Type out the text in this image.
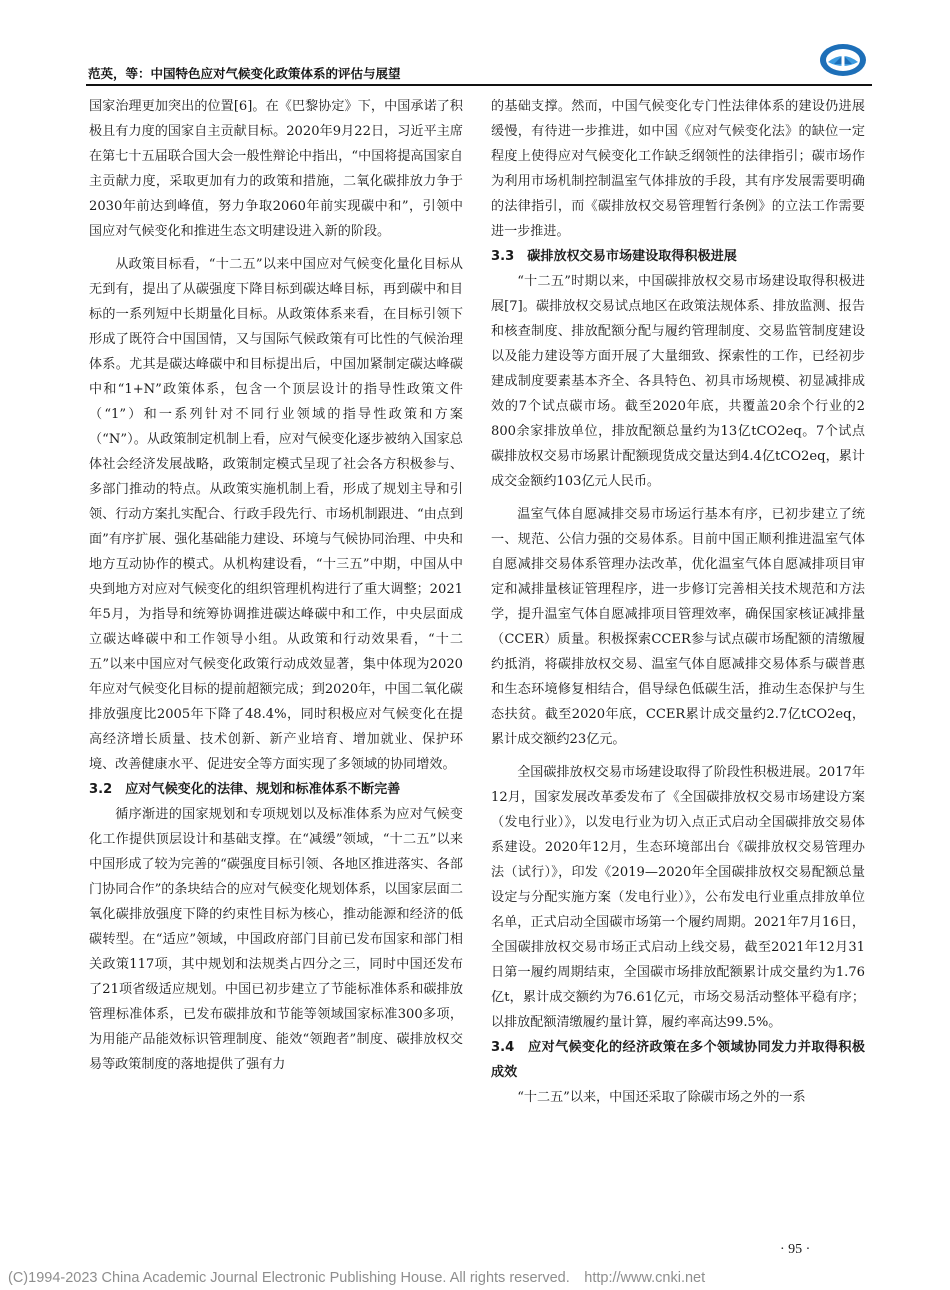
范英，等：中国特色应对气候变化政策体系的评估与展望

国家治理更加突出的位置[6]。在《巴黎协定》下，中国承诺了积极且有力度的国家自主贡献目标。2020年9月22日，习近平主席在第七十五届联合国大会一般性辩论中指出，“中国将提高国家自主贡献力度，采取更加有力的政策和措施，二氧化碳排放力争于2030年前达到峰值，努力争取2060年前实现碳中和”，引领中国应对气候变化和推进生态文明建设进入新的阶段。

从政策目标看，“十二五”以来中国应对气候变化量化目标从无到有，提出了从碳强度下降目标到碳达峰目标，再到碳中和目标的一系列短中长期量化目标。从政策体系来看，在目标引领下形成了既符合中国国情，又与国际气候政策有可比性的气候治理体系。尤其是碳达峰碳中和目标提出后，中国加紧制定碳达峰碳中和“1+N”政策体系，包含一个顶层设计的指导性政策文件（“1”）和一系列针对不同行业领域的指导性政策和方案（“N”）。从政策制定机制上看，应对气候变化逐步被纳入国家总体社会经济发展战略，政策制定模式呈现了社会各方积极参与、多部门推动的特点。从政策实施机制上看，形成了规划主导和引领、行动方案扎实配合、行政手段先行、市场机制跟进、“由点到面”有序扩展、强化基础能力建设、环境与气候协同治理、中央和地方互动协作的模式。从机构建设看，“十三五”中期，中国从中央到地方对应对气候变化的组织管理机构进行了重大调整；2021年5月，为指导和统筹协调推进碳达峰碳中和工作，中央层面成立碳达峰碳中和工作领导小组。从政策和行动效果看，“十二五”以来中国应对气候变化政策行动成效显著，集中体现为2020年应对气候变化目标的提前超额完成；到2020年，中国二氧化碳排放强度比2005年下降了48.4%，同时积极应对气候变化在提高经济增长质量、技术创新、新产业培育、增加就业、保护环境、改善健康水平、促进安全等方面实现了多领域的协同增效。

3.2　应对气候变化的法律、规划和标准体系不断完善

循序渐进的国家规划和专项规划以及标准体系为应对气候变化工作提供顶层设计和基础支撑。在“减缓”领域，“十二五”以来中国形成了较为完善的“碳强度目标引领、各地区推进落实、各部门协同合作”的条块结合的应对气候变化规划体系，以国家层面二氧化碳排放强度下降的约束性目标为核心，推动能源和经济的低碳转型。在“适应”领域，中国政府部门目前已发布国家和部门相关政策117项，其中规划和法规类占四分之三，同时中国还发布了21项省级适应规划。中国已初步建立了节能标准体系和碳排放管理标准体系，已发布碳排放和节能等领域国家标准300多项，为用能产品能效标识管理制度、能效“领跑者”制度、碳排放权交易等政策制度的落地提供了强有力

的基础支撑。然而，中国气候变化专门性法律体系的建设仍进展缓慢，有待进一步推进，如中国《应对气候变化法》的缺位一定程度上使得应对气候变化工作缺乏纲领性的法律指引；碳市场作为利用市场机制控制温室气体排放的手段，其有序发展需要明确的法律指引，而《碳排放权交易管理暂行条例》的立法工作需要进一步推进。

3.3　碳排放权交易市场建设取得积极进展

“十二五”时期以来，中国碳排放权交易市场建设取得积极进展[7]。碳排放权交易试点地区在政策法规体系、排放监测、报告和核查制度、排放配额分配与履约管理制度、交易监管制度建设以及能力建设等方面开展了大量细致、探索性的工作，已经初步建成制度要素基本齐全、各具特色、初具市场规模、初显减排成效的7个试点碳市场。截至2020年底，共覆盖20余个行业的2 800余家排放单位，排放配额总量约为13亿tCO2eq。7个试点碳排放权交易市场累计配额现货成交量达到4.4亿tCO2eq，累计成交金额约103亿元人民币。

温室气体自愿减排交易市场运行基本有序，已初步建立了统一、规范、公信力强的交易体系。目前中国正顺利推进温室气体自愿减排交易体系管理办法改革，优化温室气体自愿减排项目审定和减排量核证管理程序，进一步修订完善相关技术规范和方法学，提升温室气体自愿减排项目管理效率，确保国家核证减排量（CCER）质量。积极探索CCER参与试点碳市场配额的清缴履约抵消，将碳排放权交易、温室气体自愿减排交易体系与碳普惠和生态环境修复相结合，倡导绿色低碳生活，推动生态保护与生态扶贫。截至2020年底，CCER累计成交量约2.7亿tCO2eq，累计成交额约23亿元。

全国碳排放权交易市场建设取得了阶段性积极进展。2017年12月，国家发展改革委发布了《全国碳排放权交易市场建设方案（发电行业）》，以发电行业为切入点正式启动全国碳排放交易体系建设。2020年12月，生态环境部出台《碳排放权交易管理办法（试行）》，印发《2019—2020年全国碳排放权交易配额总量设定与分配实施方案（发电行业）》，公布发电行业重点排放单位名单，正式启动全国碳市场第一个履约周期。2021年7月16日，全国碳排放权交易市场正式启动上线交易，截至2021年12月31日第一履约周期结束，全国碳市场排放配额累计成交量约为1.76亿t，累计成交额约为76.61亿元，市场交易活动整体平稳有序；以排放配额清缴履约量计算，履约率高达99.5%。

3.4　应对气候变化的经济政策在多个领域协同发力并取得积极成效

“十二五”以来，中国还采取了除碳市场之外的一系

· 95 ·
(C)1994-2023 China Academic Journal Electronic Publishing House. All rights reserved.　http://www.cnki.net
